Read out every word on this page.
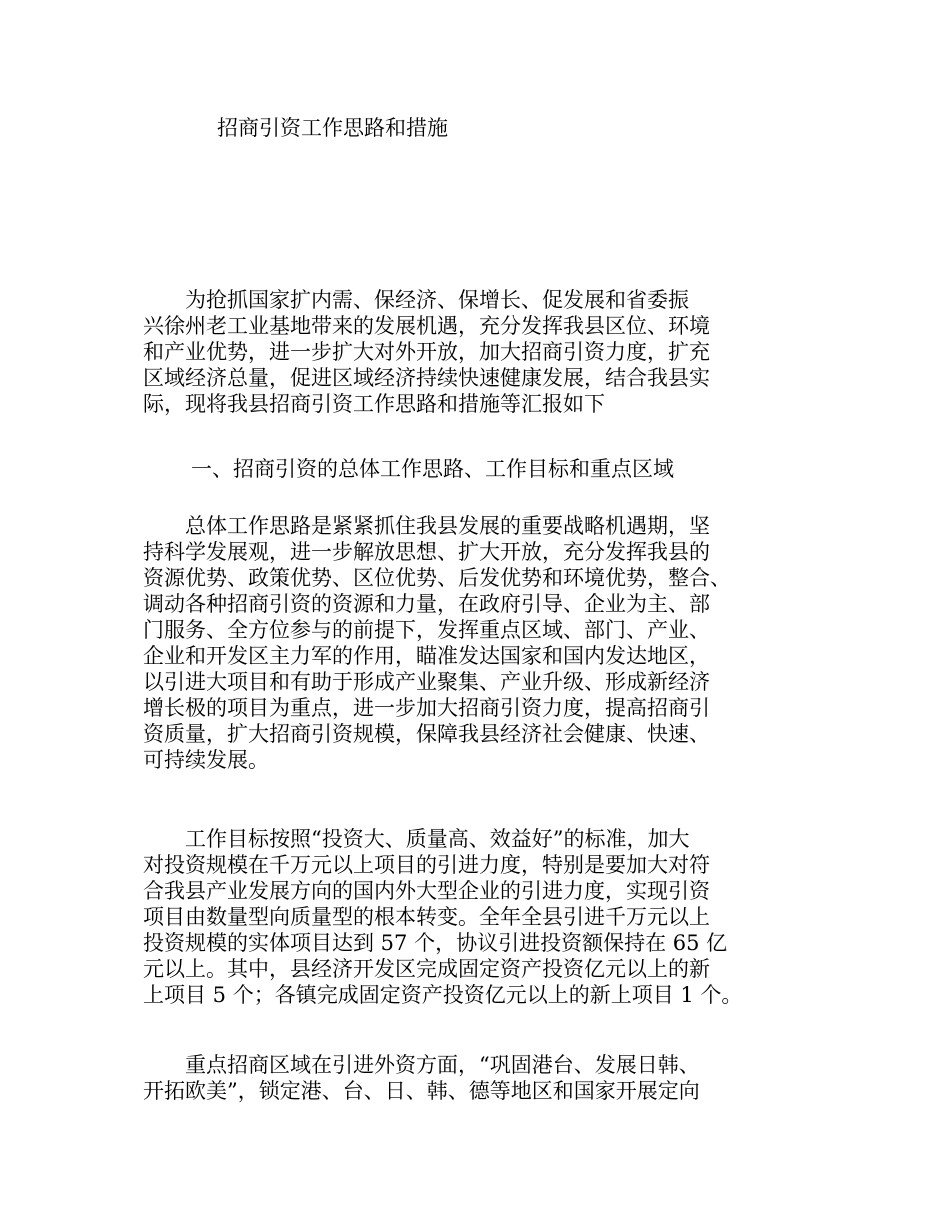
招商引资工作思路和措施
　　为抢抓国家扩内需、保经济、保增长、促发展和省委振
兴徐州老工业基地带来的发展机遇，充分发挥我县区位、环境
和产业优势，进一步扩大对外开放，加大招商引资力度，扩充
区域经济总量，促进区域经济持续快速健康发展，结合我县实
际，现将我县招商引资工作思路和措施等汇报如下
一、招商引资的总体工作思路、工作目标和重点区域
　　总体工作思路是紧紧抓住我县发展的重要战略机遇期，坚
持科学发展观，进一步解放思想、扩大开放，充分发挥我县的
资源优势、政策优势、区位优势、后发优势和环境优势，整合、
调动各种招商引资的资源和力量，在政府引导、企业为主、部
门服务、全方位参与的前提下，发挥重点区域、部门、产业、
企业和开发区主力军的作用，瞄准发达国家和国内发达地区，
以引进大项目和有助于形成产业聚集、产业升级、形成新经济
增长极的项目为重点，进一步加大招商引资力度，提高招商引
资质量，扩大招商引资规模，保障我县经济社会健康、快速、
可持续发展。
　　工作目标按照“投资大、质量高、效益好”的标准，加大
对投资规模在千万元以上项目的引进力度，特别是要加大对符
合我县产业发展方向的国内外大型企业的引进力度，实现引资
项目由数量型向质量型的根本转变。全年全县引进千万元以上
投资规模的实体项目达到 57 个，协议引进投资额保持在 65 亿
元以上。其中，县经济开发区完成固定资产投资亿元以上的新
上项目 5 个；各镇完成固定资产投资亿元以上的新上项目 1 个。
　　重点招商区域在引进外资方面，“巩固港台、发展日韩、
开拓欧美”，锁定港、台、日、韩、德等地区和国家开展定向
